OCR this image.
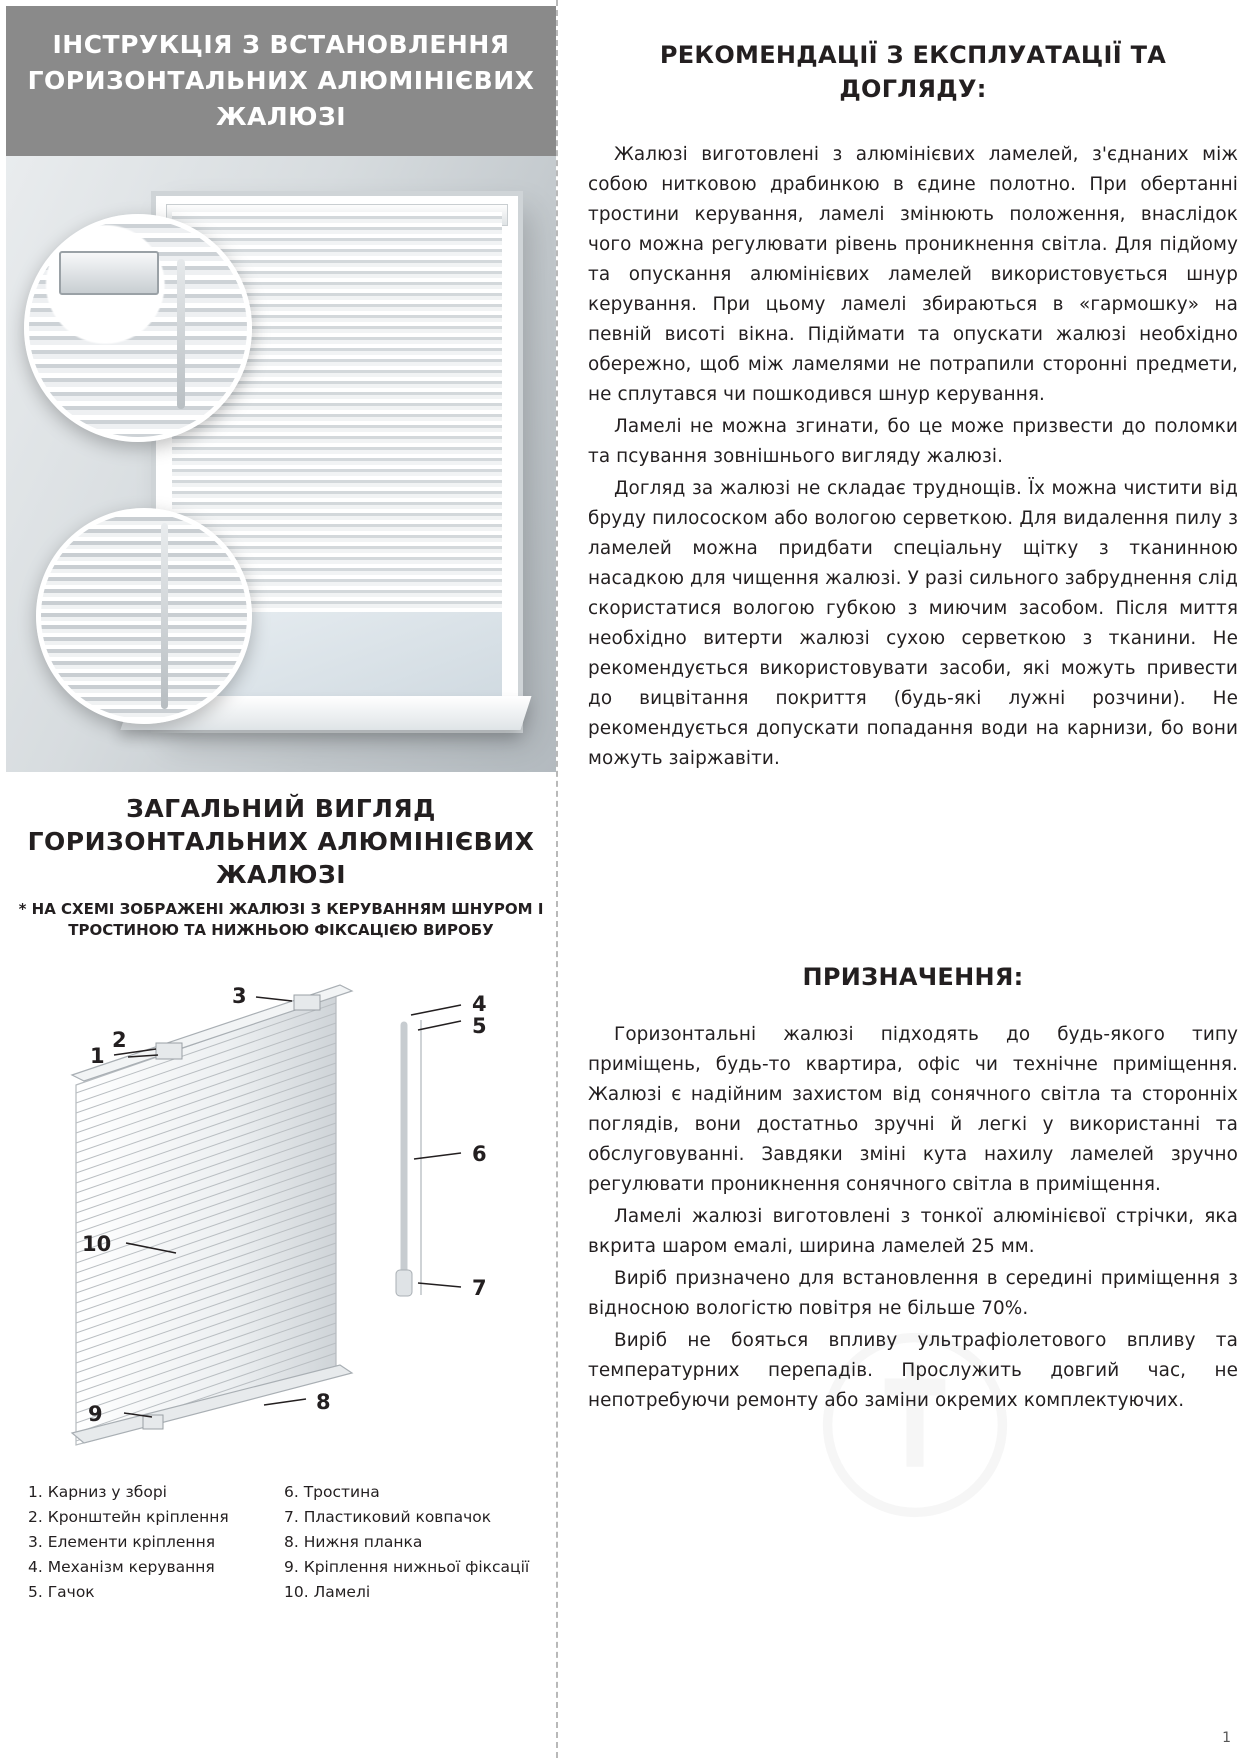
ІНСТРУКЦІЯ З ВСТАНОВЛЕННЯ ГОРИЗОНТАЛЬНИХ АЛЮМІНІЄВИХ ЖАЛЮЗІ
ЗАГАЛЬНИЙ ВИГЛЯД ГОРИЗОНТАЛЬНИХ АЛЮМІНІЄВИХ ЖАЛЮЗІ

* НА СХЕМІ ЗОБРАЖЕНІ ЖАЛЮЗІ З КЕРУВАННЯМ ШНУРОМ І ТРОСТИНОЮ ТА НИЖНЬОЮ ФІКСАЦІЄЮ ВИРОБУ

3	4
5
1
2
6
7
10
8
9
1. Карниз у зборі	6. Тростина
2. Кронштейн кріплення	7. Пластиковий ковпачок
3. Елементи кріплення	8. Нижня планка
4. Механізм керування	9. Кріплення нижньої фіксації
5. Гачок	10. Ламелі
РЕКОМЕНДАЦІЇ З ЕКСПЛУАТАЦІЇ ТА ДОГЛЯДУ:

Жалюзі виготовлені з алюмінієвих ламелей, з'єднаних між собою нитковою драбинкою в єдине полотно. При обертанні тростини керування, ламелі змінюють положення, внаслідок чого можна регулювати рівень проникнення світла. Для підйому та опускання алюмінієвих ламелей використовується шнур керування. При цьому ламелі збираються в «гармошку» на певній висоті вікна. Підіймати та опускати жалюзі необхідно обережно, щоб між ламелями не потрапили сторонні предмети, не сплутався чи пошкодився шнур керування.

Ламелі не можна згинати, бо це може призвести до поломки та псування зовнішнього вигляду жалюзі.

Догляд за жалюзі не складає труднощів. Їх можна чистити від бруду пилососком або вологою серветкою. Для видалення пилу з ламелей можна придбати спеціальну щітку з тканинною насадкою для чищення жалюзі. У разі сильного забруднення слід скористатися вологою губкою з миючим засобом. Після миття необхідно витерти жалюзі сухою серветкою з тканини. Не рекомендується використовувати засоби, які можуть привести до вицвітання покриття (будь-які лужні розчини). Не рекомендується допускати попадання води на карнизи, бо вони можуть заіржавіти.

ПРИЗНАЧЕННЯ:

Горизонтальні жалюзі підходять до будь-якого типу приміщень, будь-то квартира, офіс чи технічне приміщення. Жалюзі є надійним захистом від сонячного світла та сторонніх поглядів, вони достатньо зручні й легкі у використанні та обслуговуванні. Завдяки зміні кута нахилу ламелей зручно регулювати проникнення сонячного світла в приміщення.

Ламелі жалюзі виготовлені з тонкої алюмінієвої стрічки, яка вкрита шаром емалі, ширина ламелей 25 мм.

Виріб призначено для встановлення в середині приміщення з відносною вологістю повітря не більше 70%.

Виріб не боятьcя впливу ультрафіолетового впливу та температурних перепадів. Прослужить довгий час, не непотребуючи ремонту або заміни окремих комплектуючих.

1
